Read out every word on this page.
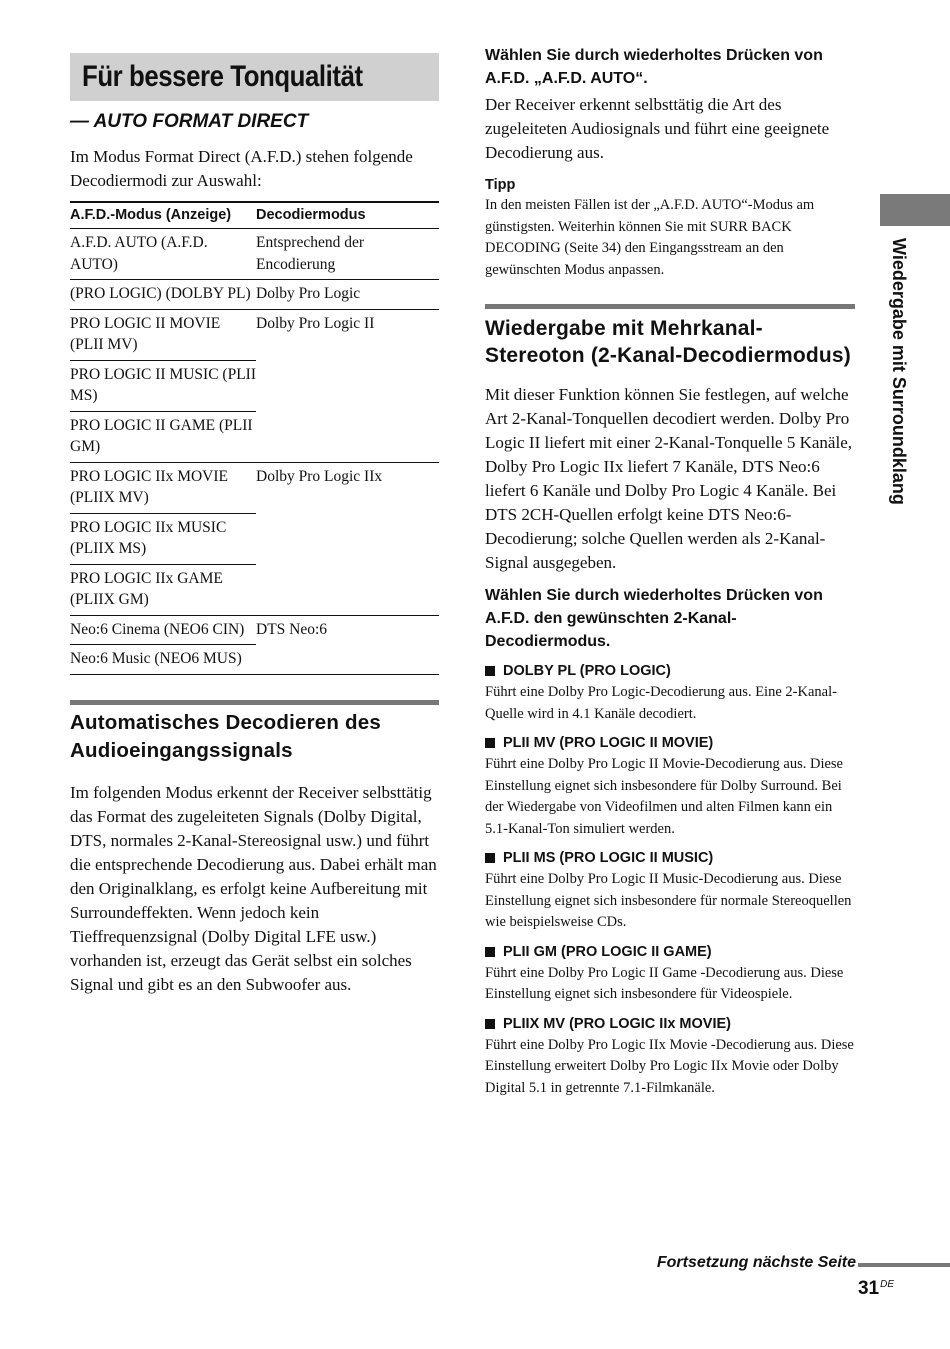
Für bessere Tonqualität
— AUTO FORMAT DIRECT
Im Modus Format Direct (A.F.D.) stehen folgende Decodiermodi zur Auswahl:
A.F.D.-Modus (Anzeige)	Decodiermodus
A.F.D. AUTO (A.F.D. AUTO)	Entsprechend der Encodierung
(PRO LOGIC) (DOLBY PL)	Dolby Pro Logic
PRO LOGIC II MOVIE (PLII MV)	Dolby Pro Logic II
PRO LOGIC II MUSIC (PLII MS)	
PRO LOGIC II GAME (PLII GM)	
PRO LOGIC IIx MOVIE (PLIIX MV)	Dolby Pro Logic IIx
PRO LOGIC IIx MUSIC (PLIIX MS)	
PRO LOGIC IIx GAME (PLIIX GM)	
Neo:6 Cinema (NEO6 CIN)	DTS Neo:6
Neo:6 Music (NEO6 MUS)	
Automatisches Decodieren des Audioeingangssignals
Im folgenden Modus erkennt der Receiver selbsttätig das Format des zugeleiteten Signals (Dolby Digital, DTS, normales 2-Kanal-Stereosignal usw.) und führt die entsprechende Decodierung aus. Dabei erhält man den Originalklang, es erfolgt keine Aufbereitung mit Surroundeffekten. Wenn jedoch kein Tieffrequenzsignal (Dolby Digital LFE usw.) vorhanden ist, erzeugt das Gerät selbst ein solches Signal und gibt es an den Subwoofer aus.
Wählen Sie durch wiederholtes Drücken von A.F.D. „A.F.D. AUTO“.
Der Receiver erkennt selbsttätig die Art des zugeleiteten Audiosignals und führt eine geeignete Decodierung aus.
Tipp
In den meisten Fällen ist der „A.F.D. AUTO“-Modus am günstigsten. Weiterhin können Sie mit SURR BACK DECODING (Seite 34) den Eingangsstream an den gewünschten Modus anpassen.
Wiedergabe mit Mehrkanal-Stereoton (2-Kanal-Decodiermodus)
Mit dieser Funktion können Sie festlegen, auf welche Art 2-Kanal-Tonquellen decodiert werden. Dolby Pro Logic II liefert mit einer 2-Kanal-Tonquelle 5 Kanäle, Dolby Pro Logic IIx liefert 7 Kanäle, DTS Neo:6 liefert 6 Kanäle und Dolby Pro Logic 4 Kanäle. Bei DTS 2CH-Quellen erfolgt keine DTS Neo:6-Decodierung; solche Quellen werden als 2-Kanal-Signal ausgegeben.
Wählen Sie durch wiederholtes Drücken von A.F.D. den gewünschten 2-Kanal-Decodiermodus.
DOLBY PL (PRO LOGIC)
Führt eine Dolby Pro Logic-Decodierung aus. Eine 2-Kanal-Quelle wird in 4.1 Kanäle decodiert.
PLII MV (PRO LOGIC II MOVIE)
Führt eine Dolby Pro Logic II Movie-Decodierung aus. Diese Einstellung eignet sich insbesondere für Dolby Surround. Bei der Wiedergabe von Videofilmen und alten Filmen kann ein 5.1-Kanal-Ton simuliert werden.
PLII MS (PRO LOGIC II MUSIC)
Führt eine Dolby Pro Logic II Music-Decodierung aus. Diese Einstellung eignet sich insbesondere für normale Stereoquellen wie beispielsweise CDs.
PLII GM (PRO LOGIC II GAME)
Führt eine Dolby Pro Logic II Game -Decodierung aus. Diese Einstellung eignet sich insbesondere für Videospiele.
PLIIX MV (PRO LOGIC IIx MOVIE)
Führt eine Dolby Pro Logic IIx Movie -Decodierung aus. Diese Einstellung erweitert Dolby Pro Logic IIx Movie oder Dolby Digital 5.1 in getrennte 7.1-Filmkanäle.
Wiedergabe mit Surroundklang
Fortsetzung nächste Seite
31DE
